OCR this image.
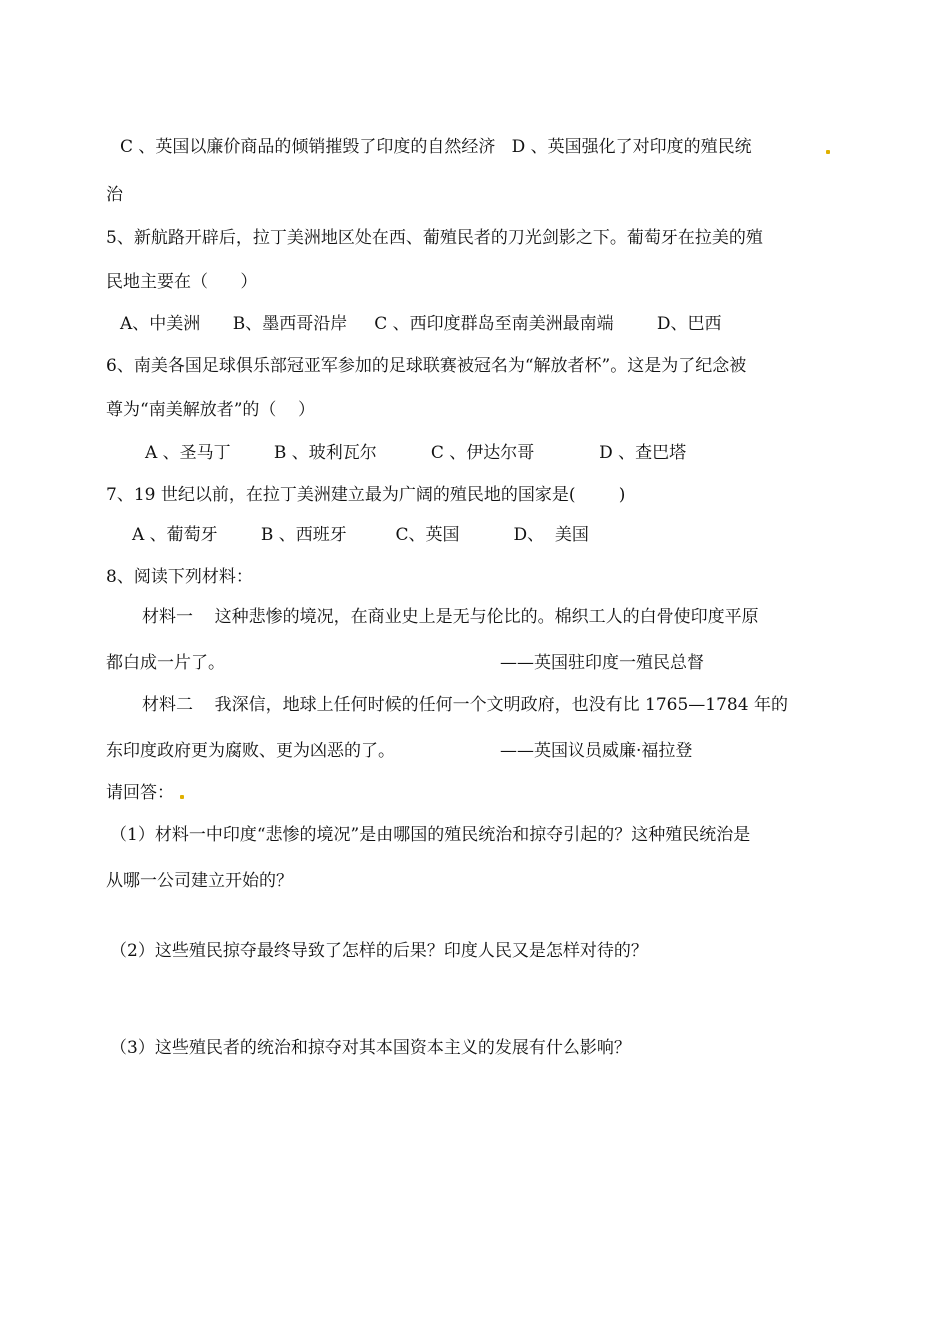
C 、英国以廉价商品的倾销摧毁了印度的自然经济   D 、英国强化了对印度的殖民统
治
5、新航路开辟后，拉丁美洲地区处在西、葡殖民者的刀光剑影之下。葡萄牙在拉美的殖
民地主要在（      ）
A、中美洲      B、墨西哥沿岸     C 、西印度群岛至南美洲最南端        D、巴西
6、南美各国足球俱乐部冠亚军参加的足球联赛被冠名为“解放者杯”。这是为了纪念被
尊为“南美解放者”的（    ）
A 、圣马丁        B 、玻利瓦尔          C 、伊达尔哥            D 、查巴塔
7、19 世纪以前，在拉丁美洲建立最为广阔的殖民地的国家是(        )
A 、葡萄牙        B 、西班牙         C、英国          D、  美国
8、阅读下列材料：
材料一    这种悲惨的境况，在商业史上是无与伦比的。棉织工人的白骨使印度平原
都白成一片了。	——英国驻印度一殖民总督
材料二    我深信，地球上任何时候的任何一个文明政府，也没有比 1765—1784 年的
东印度政府更为腐败、更为凶恶的了。	——英国议员威廉·福拉登
请回答：
（1）材料一中印度“悲惨的境况”是由哪国的殖民统治和掠夺引起的？这种殖民统治是
从哪一公司建立开始的？
（2）这些殖民掠夺最终导致了怎样的后果？印度人民又是怎样对待的？
（3）这些殖民者的统治和掠夺对其本国资本主义的发展有什么影响？
